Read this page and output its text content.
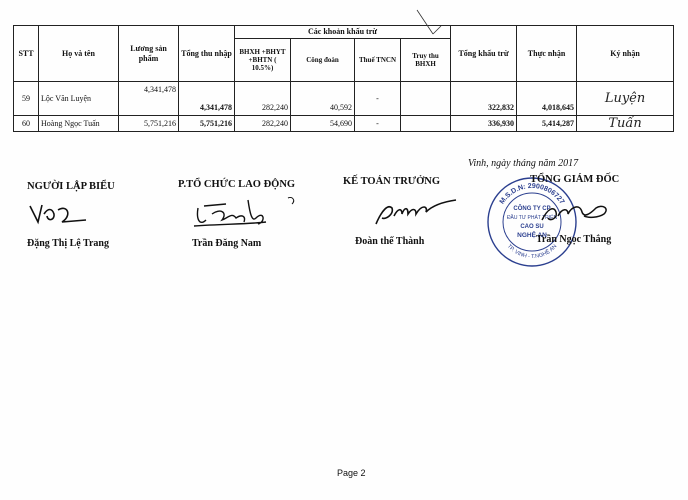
STT	Họ và tên	Lương sản phẩm	Tổng thu nhập	Các khoản khấu trừ				Tổng khấu trừ	Thực nhận	Ký nhận
				BHXH +BHYT +BHTN ( 10.5%)	Công đoàn	Thuế TNCN	Truy thu BHXH			
59	Lộc Văn Luyện	4,341,478	4,341,478	282,240	40,592	-		322,832	4,018,645	Luyện

60	Hoàng Ngọc Tuấn	5,751,216	5,751,216	282,240	54,690	-		336,930	5,414,287	Tuấn
Vinh, ngày tháng năm 2017
NGƯỜI LẬP BIỂU
Đặng Thị Lệ Trang
P.TỔ CHỨC LAO ĐỘNG
Trần Đăng Nam
KẾ TOÁN TRƯỞNG
Đoàn thế Thành
M.S.D.N: 2900806727
TP. VINH - T.NGHỆ AN
CÔNG TY CP
ĐẦU TƯ PHÁT TRIỂN
CAO SU
NGHỆ AN
TỔNG GIÁM ĐỐC
Trần Ngọc Thắng
Page 2
